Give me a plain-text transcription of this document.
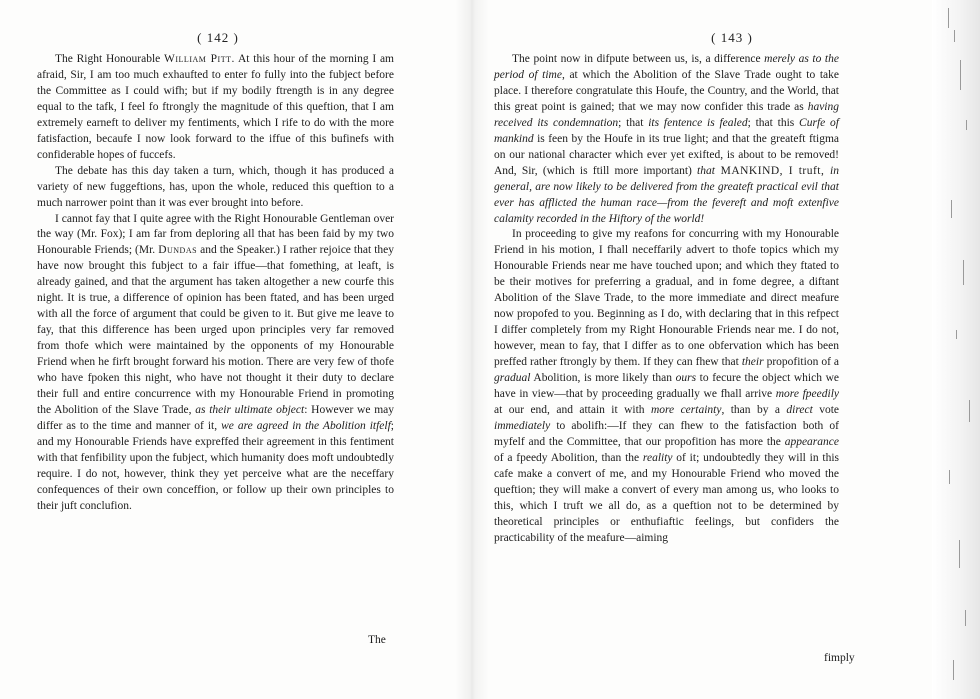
( 142 )

The Right Honourable William Pitt. At this hour of the morning I am afraid, Sir, I am too much exhaufted to enter fo fully into the fubject before the Committee as I could wifh; but if my bodily ftrength is in any degree equal to the tafk, I feel fo ftrongly the magnitude of this queftion, that I am extremely earneft to deliver my fentiments, which I rife to do with the more fatisfaction, becaufe I now look forward to the iffue of this bufinefs with confiderable hopes of fuccefs.

The debate has this day taken a turn, which, though it has produced a variety of new fuggeftions, has, upon the whole, reduced this queftion to a much narrower point than it was ever brought into before.

I cannot fay that I quite agree with the Right Honourable Gentleman over the way (Mr. Fox); I am far from deploring all that has been faid by my two Honourable Friends; (Mr. Dundas and the Speaker.) I rather rejoice that they have now brought this fubject to a fair iffue—that fomething, at leaft, is already gained, and that the argument has taken altogether a new courfe this night. It is true, a difference of opinion has been ftated, and has been urged with all the force of argument that could be given to it. But give me leave to fay, that this difference has been urged upon principles very far removed from thofe which were maintained by the opponents of my Honourable Friend when he firft brought forward his motion. There are very few of thofe who have fpoken this night, who have not thought it their duty to declare their full and entire concurrence with my Honourable Friend in promoting the Abolition of the Slave Trade, as their ultimate object: However we may differ as to the time and manner of it, we are agreed in the Abolition itfelf; and my Honourable Friends have expreffed their agreement in this fentiment with that fenfibility upon the fubject, which humanity does moft undoubtedly require. I do not, however, think they yet perceive what are the neceffary confequences of their own conceffion, or follow up their own principles to their juft conclufion.

The
( 143 )

The point now in difpute between us, is, a difference merely as to the period of time, at which the Abolition of the Slave Trade ought to take place. I therefore congratulate this Houfe, the Country, and the World, that this great point is gained; that we may now confider this trade as having received its condemnation; that its fentence is fealed; that this Curfe of mankind is feen by the Houfe in its true light; and that the greateft ftigma on our national character which ever yet exifted, is about to be removed! And, Sir, (which is ftill more important) that MANKIND, I truft, in general, are now likely to be delivered from the greateft practical evil that ever has afflicted the human race—from the fevereft and moft extenfive calamity recorded in the Hiftory of the world!

In proceeding to give my reafons for concurring with my Honourable Friend in his motion, I fhall neceffarily advert to thofe topics which my Honourable Friends near me have touched upon; and which they ftated to be their motives for preferring a gradual, and in fome degree, a diftant Abolition of the Slave Trade, to the more immediate and direct meafure now propofed to you. Beginning as I do, with declaring that in this refpect I differ completely from my Right Honourable Friends near me. I do not, however, mean to fay, that I differ as to one obfervation which has been preffed rather ftrongly by them. If they can fhew that their propofition of a gradual Abolition, is more likely than ours to fecure the object which we have in view—that by proceeding gradually we fhall arrive more fpeedily at our end, and attain it with more certainty, than by a direct vote immediately to abolifh:—If they can fhew to the fatisfaction both of myfelf and the Committee, that our propofition has more the appearance of a fpeedy Abolition, than the reality of it; undoubtedly they will in this cafe make a convert of me, and my Honourable Friend who moved the queftion; they will make a convert of every man among us, who looks to this, which I truft we all do, as a queftion not to be determined by theoretical principles or enthufiaftic feelings, but confiders the practicability of the meafure—aiming

fimply
